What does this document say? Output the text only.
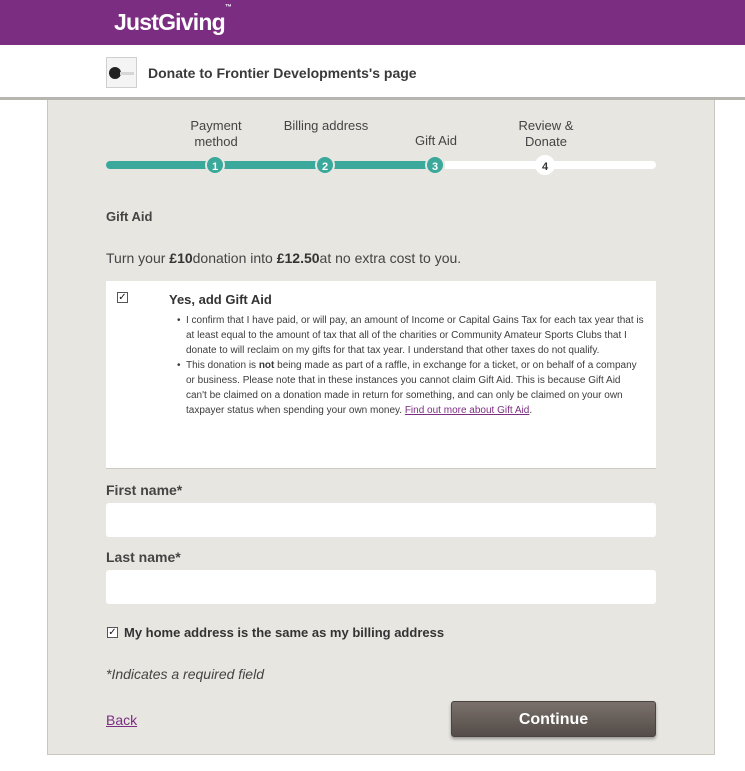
JustGiving™
Donate to Frontier Developments's page
Payment method
Billing address
Gift Aid
Review & Donate
1	2	3	4
Gift Aid
Turn your £10donation into £12.50at no extra cost to you.
✓	Yes, add Gift Aid
• I confirm that I have paid, or will pay, an amount of Income or Capital Gains Tax for each tax year that is at least equal to the amount of tax that all of the charities or Community Amateur Sports Clubs that I donate to will reclaim on my gifts for that tax year. I understand that other taxes do not qualify.
• This donation is not being made as part of a raffle, in exchange for a ticket, or on behalf of a company or business. Please note that in these instances you cannot claim Gift Aid. This is because Gift Aid can't be claimed on a donation made in return for something, and can only be claimed on your own taxpayer status when spending your own money. Find out more about Gift Aid.
First name*
Last name*
✓ My home address is the same as my billing address
*Indicates a required field
Back	Continue
